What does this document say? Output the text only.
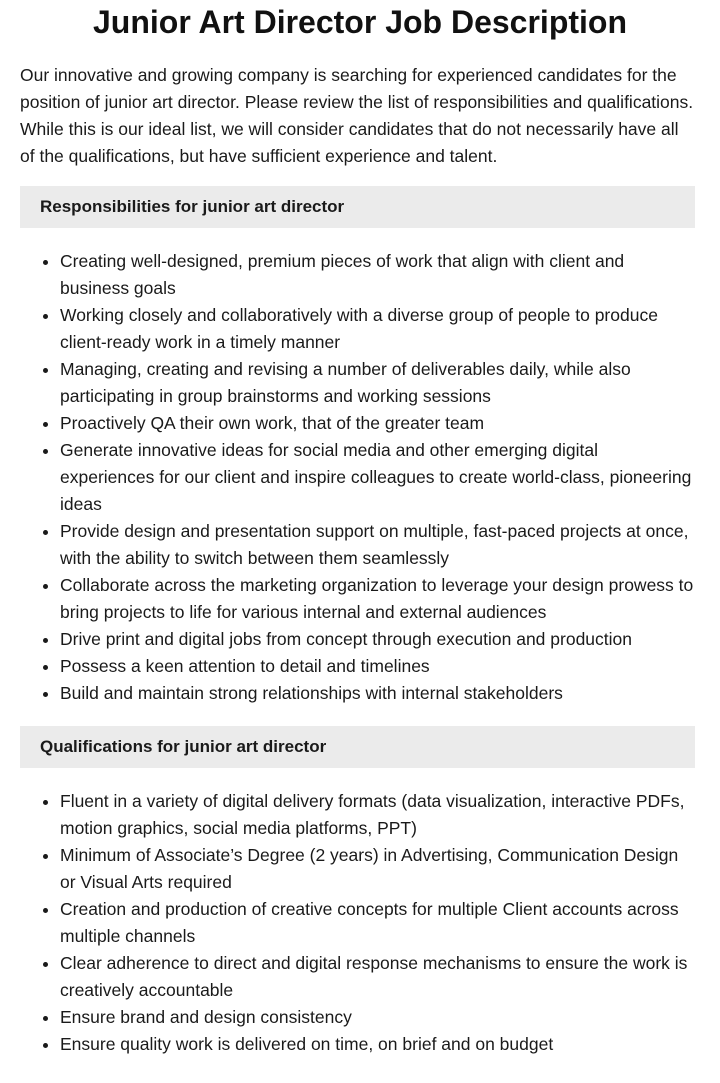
Junior Art Director Job Description

Our innovative and growing company is searching for experienced candidates for the position of junior art director. Please review the list of responsibilities and qualifications. While this is our ideal list, we will consider candidates that do not necessarily have all of the qualifications, but have sufficient experience and talent.

Responsibilities for junior art director
• Creating well-designed, premium pieces of work that align with client and business goals
• Working closely and collaboratively with a diverse group of people to produce client-ready work in a timely manner
• Managing, creating and revising a number of deliverables daily, while also participating in group brainstorms and working sessions
• Proactively QA their own work, that of the greater team
• Generate innovative ideas for social media and other emerging digital experiences for our client and inspire colleagues to create world-class, pioneering ideas
• Provide design and presentation support on multiple, fast-paced projects at once, with the ability to switch between them seamlessly
• Collaborate across the marketing organization to leverage your design prowess to bring projects to life for various internal and external audiences
• Drive print and digital jobs from concept through execution and production
• Possess a keen attention to detail and timelines
• Build and maintain strong relationships with internal stakeholders
Qualifications for junior art director
• Fluent in a variety of digital delivery formats (data visualization, interactive PDFs, motion graphics, social media platforms, PPT)
• Minimum of Associate’s Degree (2 years) in Advertising, Communication Design or Visual Arts required
• Creation and production of creative concepts for multiple Client accounts across multiple channels
• Clear adherence to direct and digital response mechanisms to ensure the work is creatively accountable
• Ensure brand and design consistency
• Ensure quality work is delivered on time, on brief and on budget
